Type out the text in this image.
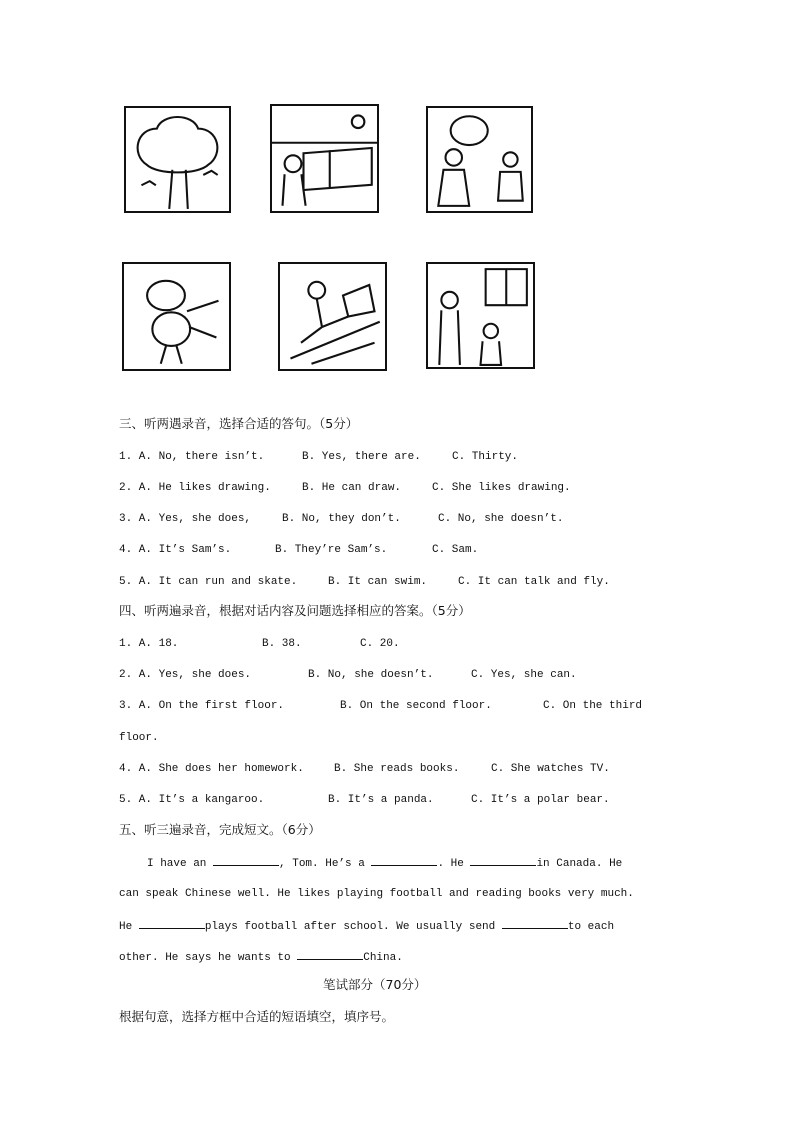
三、听两遇录音，选择合适的答句。（5分）
1. A. No, there isn’t.	B. Yes, there are.	C. Thirty.
2. A. He likes drawing.	B. He can draw.	C. She likes drawing.
3. A. Yes, she does,	B. No, they don’t.	C. No, she doesn’t.
4. A. It’s Sam’s.	B. They’re Sam’s.	C. Sam.
5. A. It can run and skate.	B. It can swim.	C. It can talk and fly.
四、听两遍录音，根据对话内容及问题选择相应的答案。（5分）
1. A. 18.	B. 38.	C. 20.
2. A. Yes, she does.	B. No, she doesn’t.	C. Yes, she can.
3. A. On the first floor.	B. On the second floor.	C. On the third
floor.
4. A. She does her homework.	B. She reads books.	C. She watches TV.
5. A. It’s a kangaroo.	B. It’s a panda.	C. It’s a polar bear.
五、听三遍录音，完成短文。（6分）
I have an	, Tom. He’s a	. He	in Canada. He
can speak Chinese well. He likes playing football and reading books very much.
He	plays football after school. We usually send	to each
other. He says he wants to	China.
笔试部分（70分）
根据句意，选择方框中合适的短语填空，填序号。
